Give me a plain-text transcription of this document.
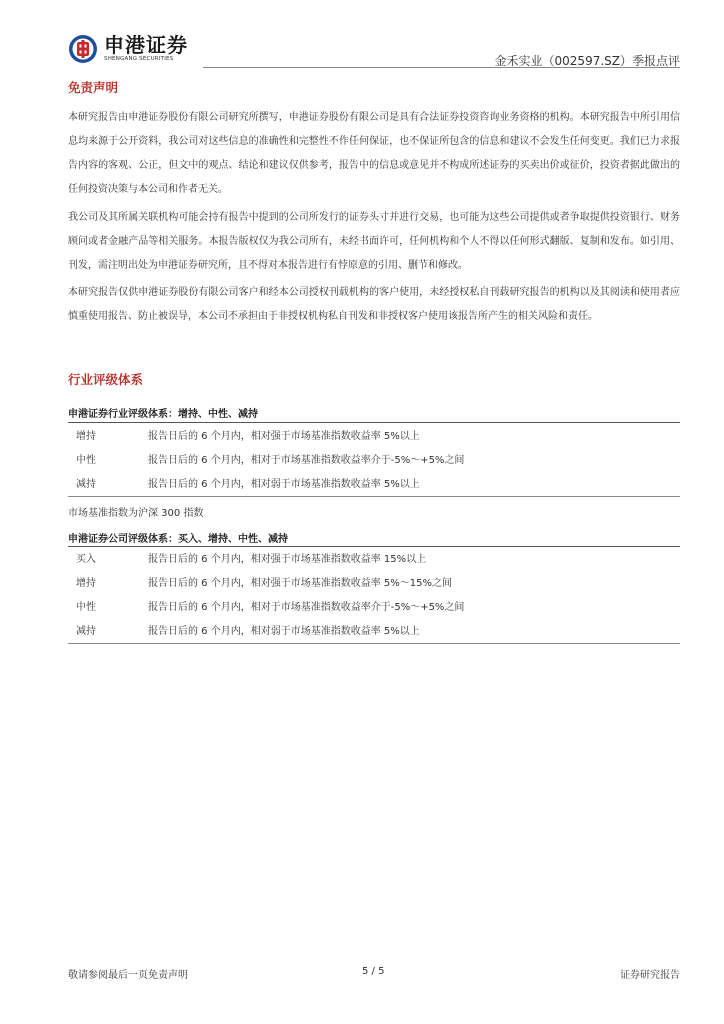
申港证券
SHENGANG SECURITIES	金禾实业（002597.SZ）季报点评
免责声明
本研究报告由申港证券股份有限公司研究所撰写，申港证券股份有限公司是具有合法证券投资咨询业务资格的机构。本研究报告中所引用信息均来源于公开资料，我公司对这些信息的准确性和完整性不作任何保证，也不保证所包含的信息和建议不会发生任何变更。我们已力求报告内容的客观、公正，但文中的观点、结论和建议仅供参考，报告中的信息或意见并不构成所述证券的买卖出价或征价，投资者据此做出的任何投资决策与本公司和作者无关。
我公司及其所属关联机构可能会持有报告中提到的公司所发行的证券头寸并进行交易，也可能为这些公司提供或者争取提供投资银行、财务顾问或者金融产品等相关服务。本报告版权仅为我公司所有，未经书面许可，任何机构和个人不得以任何形式翻版、复制和发布。如引用、刊发，需注明出处为申港证券研究所，且不得对本报告进行有悖原意的引用、删节和修改。
本研究报告仅供申港证券股份有限公司客户和经本公司授权刊载机构的客户使用，未经授权私自刊载研究报告的机构以及其阅读和使用者应慎重使用报告、防止被误导，本公司不承担由于非授权机构私自刊发和非授权客户使用该报告所产生的相关风险和责任。
行业评级体系
申港证券行业评级体系：增持、中性、减持
增持	报告日后的 6 个月内，相对强于市场基准指数收益率 5%以上
中性	报告日后的 6 个月内，相对于市场基准指数收益率介于-5%～+5%之间
减持	报告日后的 6 个月内，相对弱于市场基准指数收益率 5%以上
市场基准指数为沪深 300 指数
申港证券公司评级体系：买入、增持、中性、减持
买入	报告日后的 6 个月内，相对强于市场基准指数收益率 15%以上
增持	报告日后的 6 个月内，相对强于市场基准指数收益率 5%～15%之间
中性	报告日后的 6 个月内，相对于市场基准指数收益率介于-5%～+5%之间
减持	报告日后的 6 个月内，相对弱于市场基准指数收益率 5%以上
敬请参阅最后一页免责声明	5 / 5	证券研究报告
